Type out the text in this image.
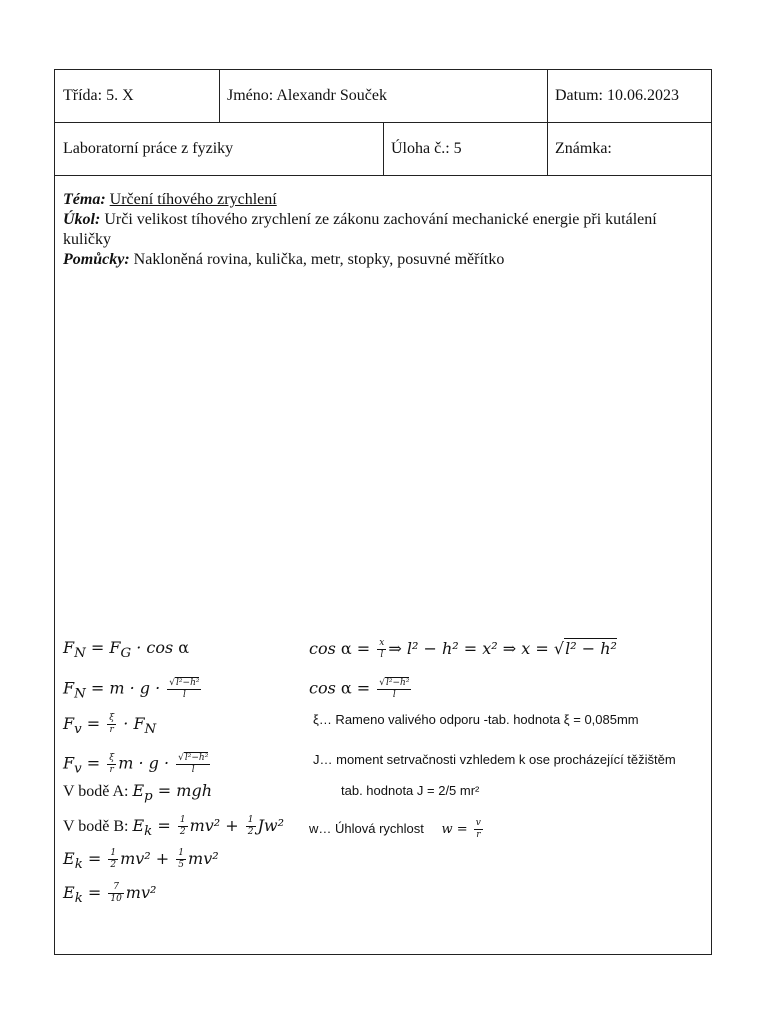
Třída: 5. X	Jméno: Alexandr Souček	Datum: 10.06.2023
Laboratorní práce z fyziky	Úloha č.: 5	Známka:
Téma: Určení tíhového zrychlení
Úkol: Urči velikost tíhového zrychlení ze zákonu zachování mechanické energie při kutálení kuličky
Pomůcky: Nakloněná rovina, kulička, metr, stopky, posuvné měřítko
$F_N = F_G \cdot \cos \alpha$
$F_N = m \cdot g \cdot \frac{\text{√l²−h²}}{l}$
$F_v = \frac{\xi}{r} \cdot F_N$
$F_v = \frac{\xi}{r}$ $m \cdot g \cdot \frac{\text{√l²−h²}}{l}$
V bodě A: $E_p$ = mgh
V bodě B: $E_k = \frac{1}{2} mv^2 + \frac{1}{2} Jw^2$
$E_k = \frac{1}{2} mv^2 + \frac{1}{5} mv^2$
$E_k = \frac{7}{10} mv^2$
$\cos \alpha = \frac{x}{l}$ ⇒ l² − h² = x² ⇒ x = √l² − h²
$\cos \alpha = \frac{\text{√l²−h²}}{l}$
ξ… Rameno valivého odporu -tab. hodnota ξ = 0,085mm
J… moment setrvačnosti vzhledem k ose procházející těžištěm
tab. hodnota J = 2/5 mr²
w… Úhlová rychlost $w = \frac{v}{r}$
